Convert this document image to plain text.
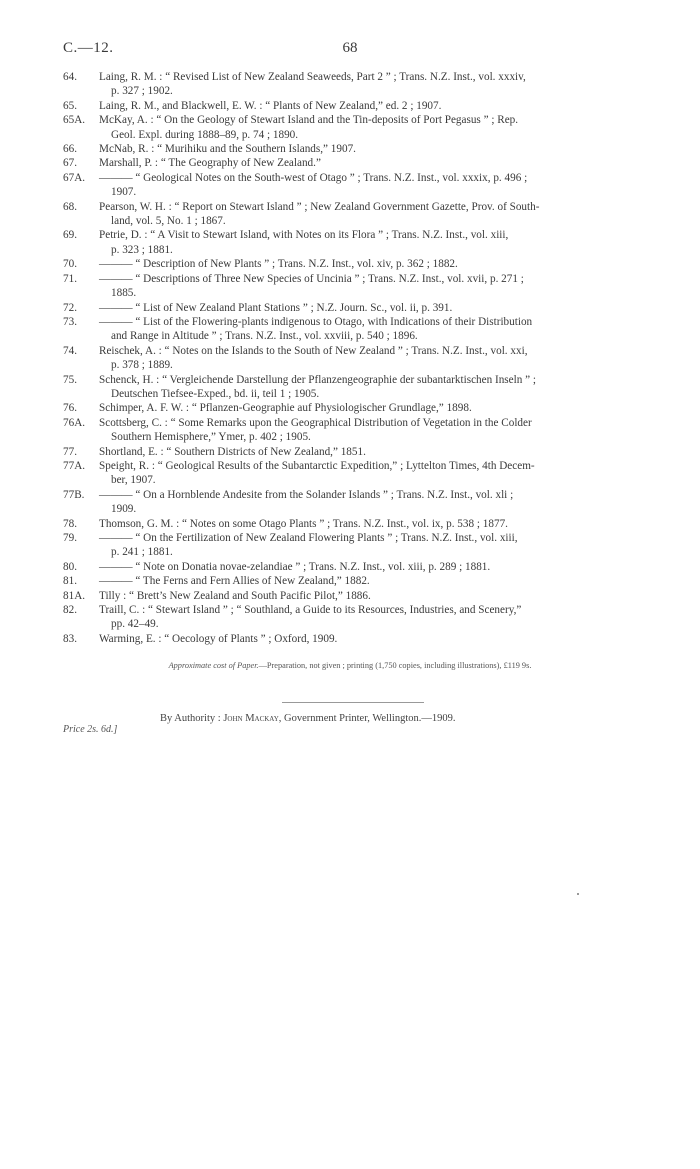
C.—12.	68
64. Laing, R. M. : “ Revised List of New Zealand Seaweeds, Part 2 ” ; Trans. N.Z. Inst., vol. xxxiv,
p. 327 ; 1902.
65. Laing, R. M., and Blackwell, E. W. : “ Plants of New Zealand,” ed. 2 ; 1907.
65A. McKay, A. : “ On the Geology of Stewart Island and the Tin-deposits of Port Pegasus ” ; Rep.
Geol. Expl. during 1888–89, p. 74 ; 1890.
66. McNab, R. : “ Murihiku and the Southern Islands,” 1907.
67. Marshall, P. : “ The Geography of New Zealand.”
67A. ——— “ Geological Notes on the South-west of Otago ” ; Trans. N.Z. Inst., vol. xxxix, p. 496 ;
1907.
68. Pearson, W. H. : “ Report on Stewart Island ” ; New Zealand Government Gazette, Prov. of South-
land, vol. 5, No. 1 ; 1867.
69. Petrie, D. : “ A Visit to Stewart Island, with Notes on its Flora ” ; Trans. N.Z. Inst., vol. xiii,
p. 323 ; 1881.
70. ——— “ Description of New Plants ” ; Trans. N.Z. Inst., vol. xiv, p. 362 ; 1882.
71. ——— “ Descriptions of Three New Species of Uncinia ” ; Trans. N.Z. Inst., vol. xvii, p. 271 ;
1885.
72. ——— “ List of New Zealand Plant Stations ” ; N.Z. Journ. Sc., vol. ii, p. 391.
73. ——— “ List of the Flowering-plants indigenous to Otago, with Indications of their Distribution
and Range in Altitude ” ; Trans. N.Z. Inst., vol. xxviii, p. 540 ; 1896.
74. Reischek, A. : “ Notes on the Islands to the South of New Zealand ” ; Trans. N.Z. Inst., vol. xxi,
p. 378 ; 1889.
75. Schenck, H. : “ Vergleichende Darstellung der Pflanzengeographie der subantarktischen Inseln ” ;
Deutschen Tiefsee-Exped., bd. ii, teil 1 ; 1905.
76. Schimper, A. F. W. : “ Pflanzen-Geographie auf Physiologischer Grundlage,” 1898.
76A. Scottsberg, C. : “ Some Remarks upon the Geographical Distribution of Vegetation in the Colder
Southern Hemisphere,” Ymer, p. 402 ; 1905.
77. Shortland, E. : “ Southern Districts of New Zealand,” 1851.
77A. Speight, R. : “ Geological Results of the Subantarctic Expedition,” ; Lyttelton Times, 4th Decem-
ber, 1907.
77B. ——— “ On a Hornblende Andesite from the Solander Islands ” ; Trans. N.Z. Inst., vol. xli ;
1909.
78. Thomson, G. M. : “ Notes on some Otago Plants ” ; Trans. N.Z. Inst., vol. ix, p. 538 ; 1877.
79. ——— “ On the Fertilization of New Zealand Flowering Plants ” ; Trans. N.Z. Inst., vol. xiii,
p. 241 ; 1881.
80. ——— “ Note on Donatia novae-zelandiae ” ; Trans. N.Z. Inst., vol. xiii, p. 289 ; 1881.
81. ——— “ The Ferns and Fern Allies of New Zealand,” 1882.
81A. Tilly : “ Brett’s New Zealand and South Pacific Pilot,” 1886.
82. Traill, C. : “ Stewart Island ” ; “ Southland, a Guide to its Resources, Industries, and Scenery,”
pp. 42–49.
83. Warming, E. : “ Oecology of Plants ” ; Oxford, 1909.
Approximate cost of Paper.—Preparation, not given ; printing (1,750 copies, including illustrations), £119 9s.
By Authority : John Mackay, Government Printer, Wellington.—1909.
Price 2s. 6d.]
